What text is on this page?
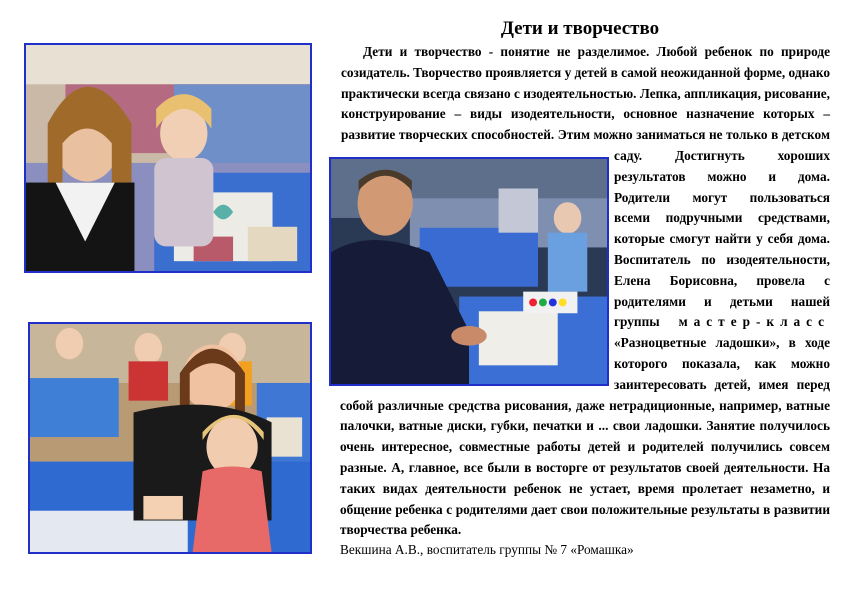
Дети и творчество

Дети и творчество - понятие не разделимое. Любой ребенок по природе созидатель. Творчество проявляется у детей в самой неожиданной форме, однако практически всегда связано с изодеятельностью. Лепка, аппликация, рисование, конструирование – виды изодеятельности, основное назначение которых – развитие творческих способностей. Этим можно заниматься не только в детском саду. Достигнуть хороших результатов можно и дома. Родители могут пользоваться всеми подручными средствами, которые смогут найти у себя дома. Воспитатель по изодеятельности, Елена Борисовна, провела с родителями и детьми нашей группы мастер-класс «Разноцветные ладошки», в ходе которого показала, как можно заинтересовать детей, имея перед собой различные средства рисования, даже нетрадиционные, например, ватные палочки, ватные диски, губки, печатки и ... свои ладошки. Занятие получилось очень интересное, совместные работы детей и родителей получились совсем разные. А, главное, все были в восторге от результатов своей деятельности. На таких видах деятельности ребенок не устает, время пролетает незаметно, и общение ребенка с родителями дает свои положительные результаты в развитии творчества ребенка.

Векшина А.В., воспитатель группы № 7 «Ромашка»
